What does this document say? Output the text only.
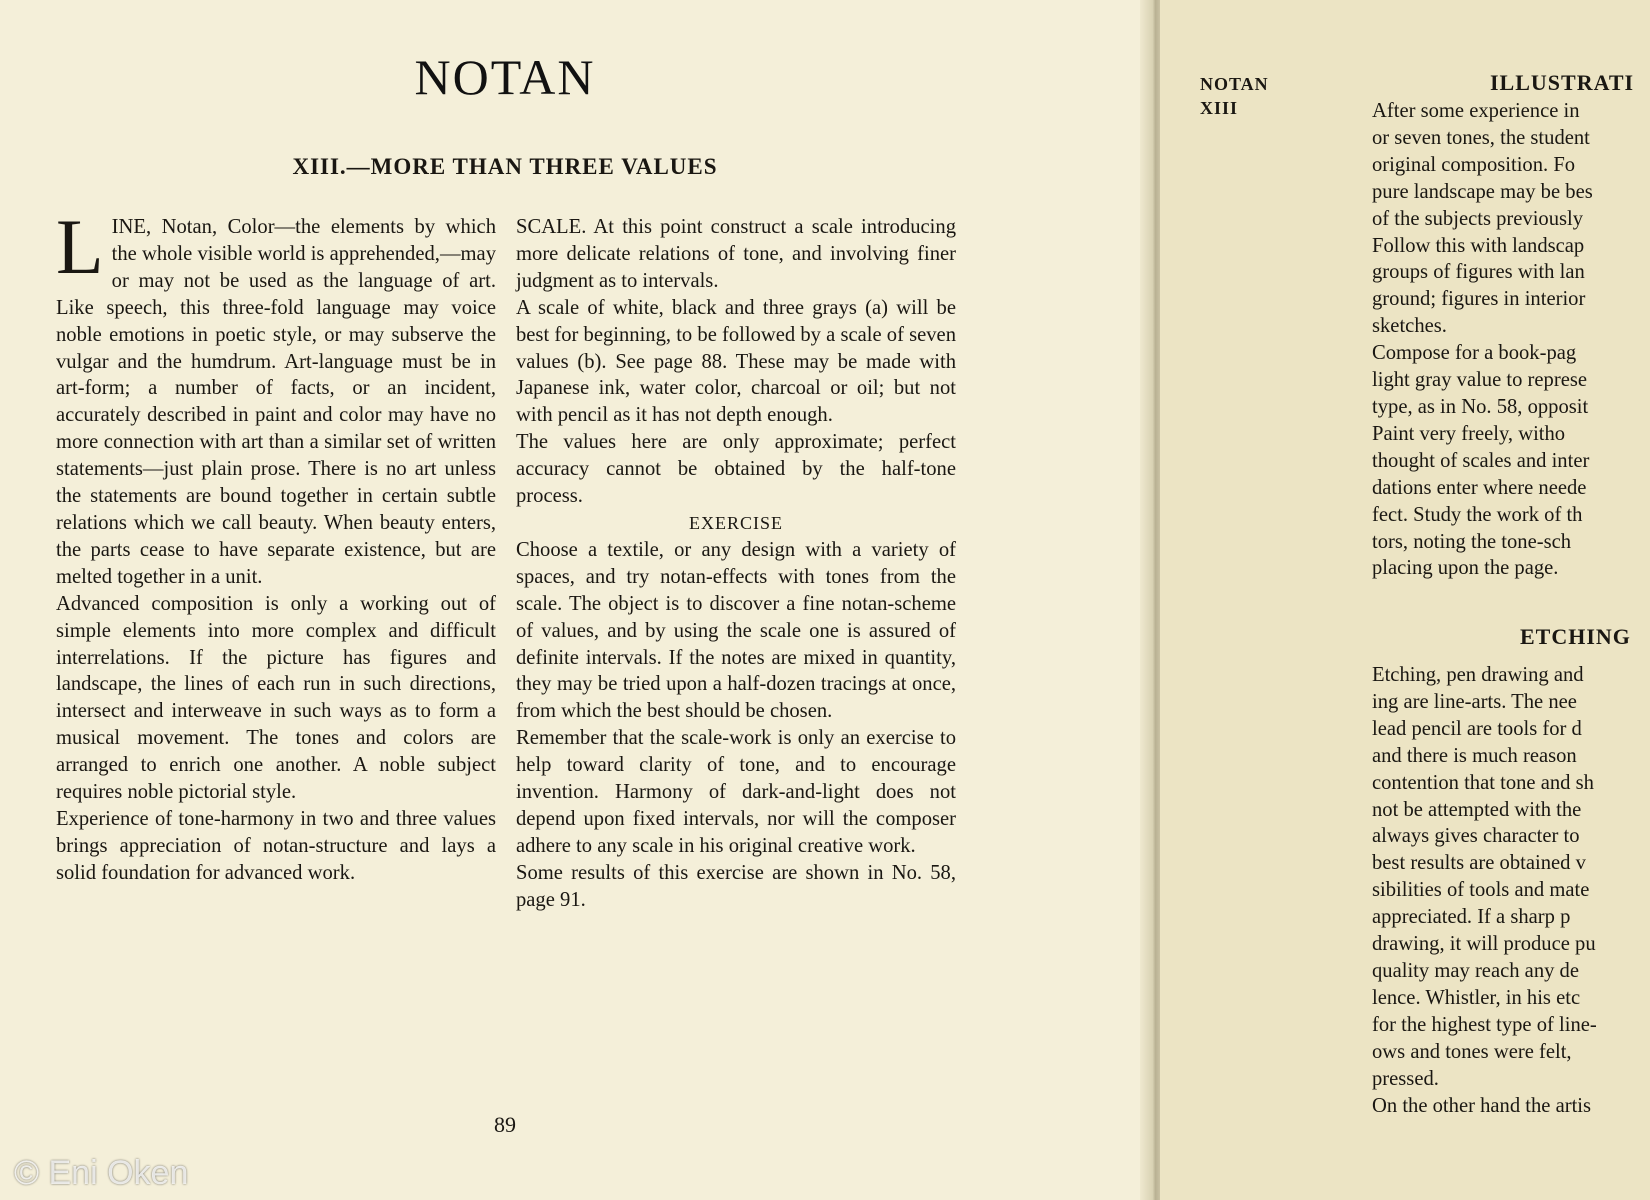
NOTAN
XIII.—MORE THAN THREE VALUES

LINE, Notan, Color—the elements by which the whole visible world is apprehended,—may or may not be used as the language of art. Like speech, this three-fold language may voice noble emotions in poetic style, or may subserve the vulgar and the humdrum. Art-language must be in art-form; a number of facts, or an incident, accurately described in paint and color may have no more connection with art than a similar set of written statements—just plain prose. There is no art unless the statements are bound together in certain subtle relations which we call beauty. When beauty enters, the parts cease to have separate existence, but are melted together in a unit.

Advanced composition is only a working out of simple elements into more complex and difficult interrelations. If the picture has figures and landscape, the lines of each run in such directions, intersect and interweave in such ways as to form a musical movement. The tones and colors are arranged to enrich one another. A noble subject requires noble pictorial style.

Experience of tone-harmony in two and three values brings appreciation of notan-structure and lays a solid foundation for advanced work.

SCALE. At this point construct a scale introducing more delicate relations of tone, and involving finer judgment as to intervals.

A scale of white, black and three grays (a) will be best for beginning, to be followed by a scale of seven values (b). See page 88. These may be made with Japanese ink, water color, charcoal or oil; but not with pencil as it has not depth enough.

The values here are only approximate; perfect accuracy cannot be obtained by the half-tone process.

EXERCISE

Choose a textile, or any design with a variety of spaces, and try notan-effects with tones from the scale. The object is to discover a fine notan-scheme of values, and by using the scale one is assured of definite intervals. If the notes are mixed in quantity, they may be tried upon a half-dozen tracings at once, from which the best should be chosen.

Remember that the scale-work is only an exercise to help toward clarity of tone, and to encourage invention. Harmony of dark-and-light does not depend upon fixed intervals, nor will the composer adhere to any scale in his original creative work.

Some results of this exercise are shown in No. 58, page 91.

89
NOTAN
XIII
ILLUSTRATI

After some experience in

or seven tones, the student

original composition. Fo

pure landscape may be bes

of the subjects previously

Follow this with landscap

groups of figures with lan

ground; figures in interior

sketches.

Compose for a book-pag

light gray value to represe

type, as in No. 58, opposit

Paint very freely, witho

thought of scales and inter

dations enter where neede

fect. Study the work of th

tors, noting the tone-sch

placing upon the page.

ETCHING

Etching, pen drawing and

ing are line-arts. The nee

lead pencil are tools for d

and there is much reason

contention that tone and sh

not be attempted with the

always gives character to

best results are obtained v

sibilities of tools and mate

appreciated. If a sharp p

drawing, it will produce pu

quality may reach any de

lence. Whistler, in his etc

for the highest type of line-

ows and tones were felt,

pressed.

On the other hand the artis

© Eni Oken
